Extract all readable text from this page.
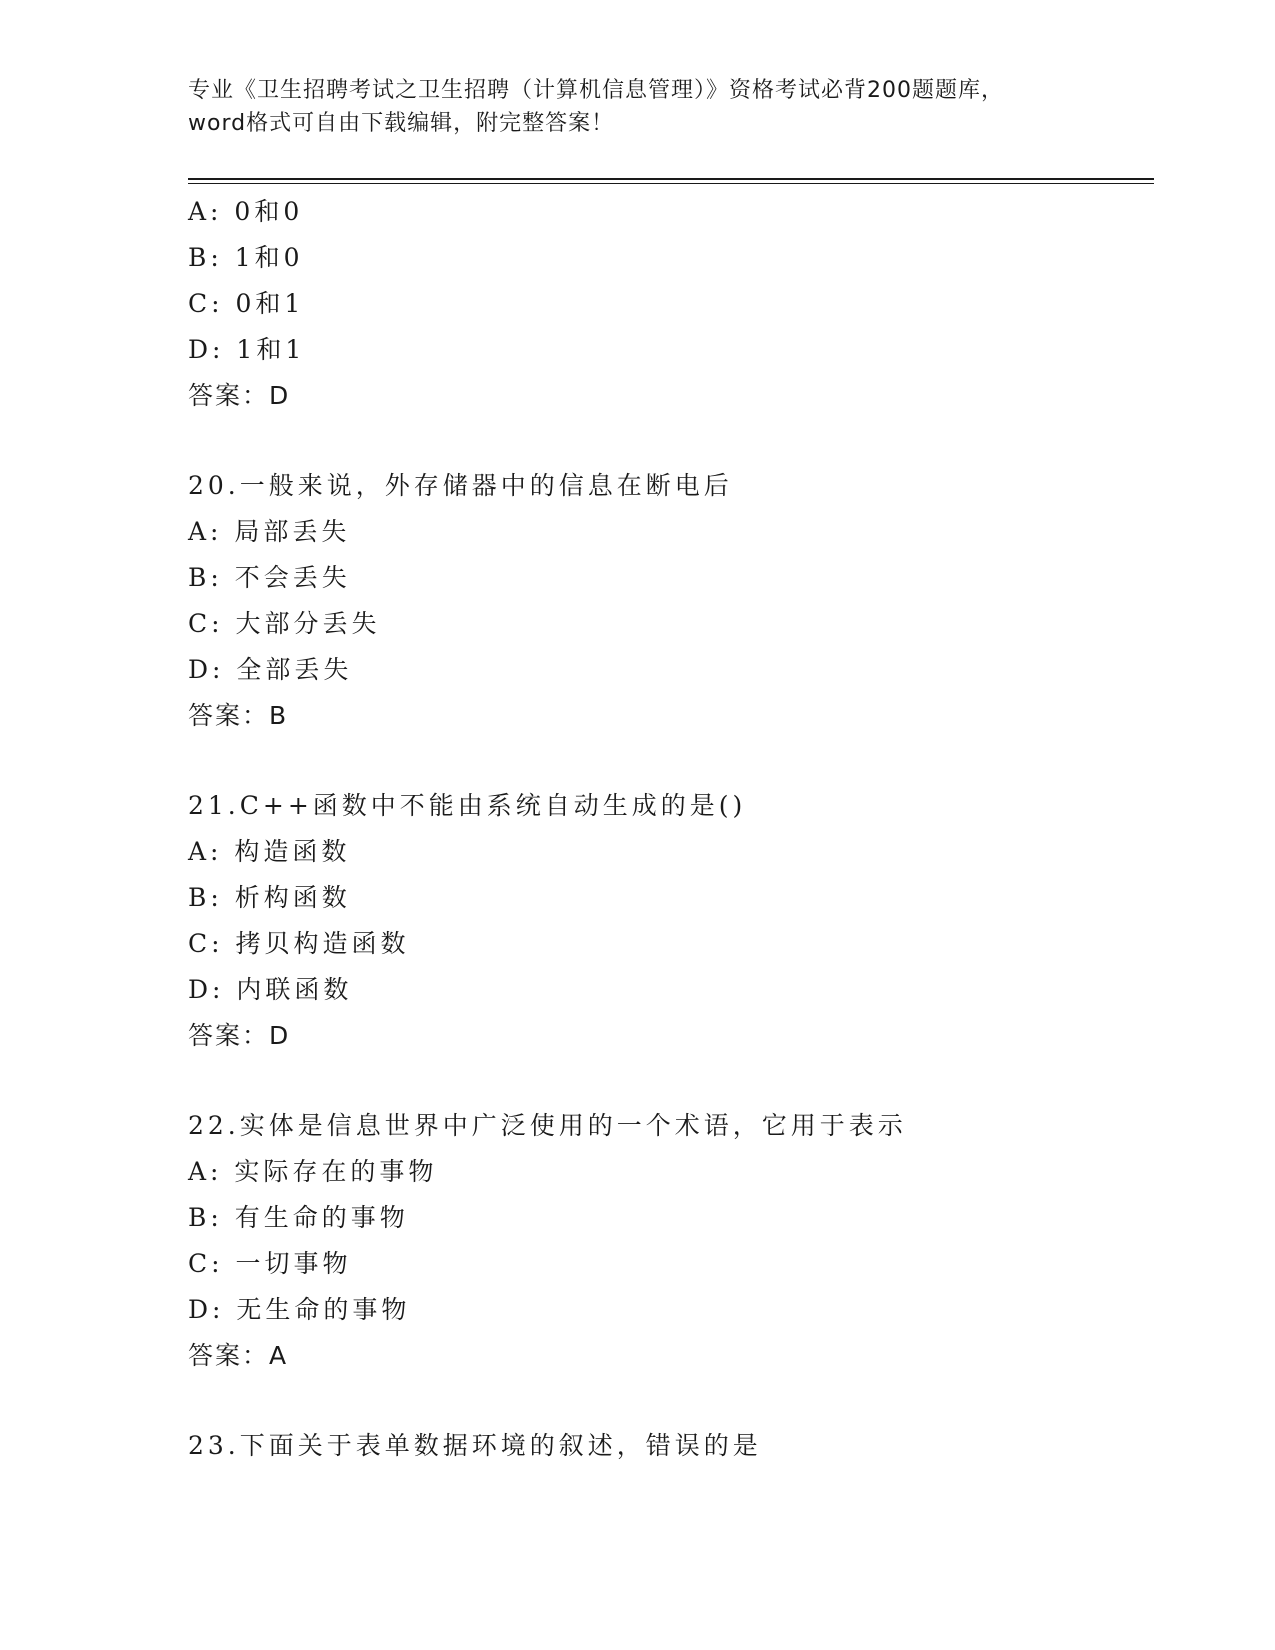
专业《卫生招聘考试之卫生招聘（计算机信息管理）》资格考试必背200题题库，
word格式可自由下载编辑，附完整答案！
A: 0和0
B: 1和0
C: 0和1
D: 1和1
答案：D
20.一般来说，外存储器中的信息在断电后
A: 局部丢失
B: 不会丢失
C: 大部分丢失
D: 全部丢失
答案：B
21.C++函数中不能由系统自动生成的是()
A: 构造函数
B: 析构函数
C: 拷贝构造函数
D: 内联函数
答案：D
22.实体是信息世界中广泛使用的一个术语，它用于表示
A: 实际存在的事物
B: 有生命的事物
C: 一切事物
D: 无生命的事物
答案：A
23.下面关于表单数据环境的叙述，错误的是
